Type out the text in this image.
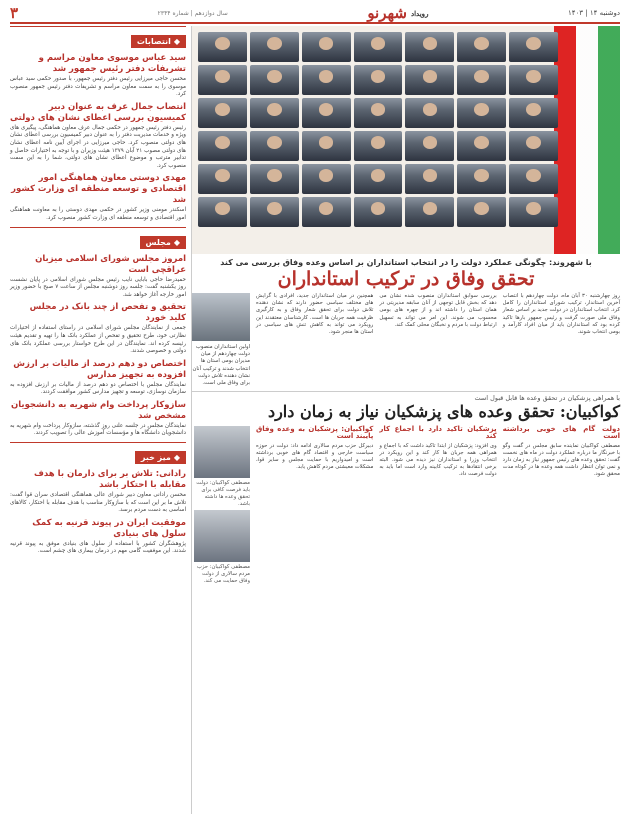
دوشنبه ۱۴ | ۱۴۰۳
رویداد
شهرنو
سال دوازدهم | شماره ۲۳۴۴
۳
◆
انتصابات
سید عباس موسوی معاون مراسم و تشریفات دفتر رئیس جمهور شد
محسن حاجی میرزایی رئیس دفتر رئیس جمهور، با صدور حکمی سید عباس موسوی را به سمت معاون مراسم و تشریفات دفتر رئیس جمهور منصوب کرد.
انتصاب جمال عرف به عنوان دبیر کمیسیون بررسی اعطای نشان های دولتی
رئیس دفتر رئیس جمهور در حکمی جمال عرف معاون هماهنگی، پیگیری های ویژه و خدمات مدیریت دفتر را به عنوان دبیر کمیسیون بررسی اعطای نشان های دولتی منصوب کرد. حاجی میرزایی در اجرای آیین نامه اعطای نشان های دولتی مصوب ۲۱ آبان ۱۳۷۹ هیئت وزیران و با توجه به اختیارات حاصل و تدابیر مترتب و موضوع اعطای نشان های دولتی، شما را به این سمت منصوب کرد.
مهدی دوستی معاون هماهنگی امور اقتصادی و توسعه منطقه ای وزارت کشور شد
اسکندر مومنی وزیر کشور در حکمی مهدی دوستی را به معاونت هماهنگی امور اقتصادی و توسعه منطقه ای وزارت کشور منصوب کرد.
◆
مجلس
امروز مجلس شورای اسلامی میزبان عراقچی است
حمیدرضا حاجی بابایی نایب رئیس مجلس شورای اسلامی در پایان نشست روز یکشنبه گفت: جلسه روز دوشنبه مجلس از ساعت ۷ صبح با حضور وزیر امور خارجه آغاز خواهد شد.
تحقیق و تفحص از چند بانک در مجلس کلید خورد
جمعی از نمایندگان مجلس شورای اسلامی در راستای استفاده از اختیارات نظارتی خود، طرح تحقیق و تفحص از عملکرد بانک ها را تهیه و تقدیم هیئت رئیسه کرده اند. نمایندگان در این طرح خواستار بررسی عملکرد بانک های دولتی و خصوصی شدند.
اختصاص دو دهم درصد از مالیات بر ارزش افزوده به تجهیز مدارس
نمایندگان مجلس با اختصاص دو دهم درصد از مالیات بر ارزش افزوده به سازمان نوسازی، توسعه و تجهیز مدارس کشور موافقت کردند.
سازوکار پرداخت وام شهریه به دانشجویان مشخص شد
نمایندگان مجلس در جلسه علنی روز گذشته، سازوکار پرداخت وام شهریه به دانشجویان دانشگاه ها و مؤسسات آموزش عالی را تصویب کردند.
◆
میز خبر
رادانی: تلاش بر برای دارمان با هدف مقابله با احتکار باشد
محسن رادانی معاون دبیر شورای عالی هماهنگی اقتصادی سران قوا گفت: تلاش ما بر این است که با سازوکار مناسب با هدف مقابله با احتکار، کالاهای اساسی به دست مردم برسد.
موفقیت ایران در پیوند قرنیه به کمک سلول های بنیادی
پژوهشگران کشور با استفاده از سلول های بنیادی موفق به پیوند قرنیه شدند. این موفقیت گامی مهم در درمان بیماری های چشم است.
با شهروند: چگونگی عملکرد دولت را در انتخاب استانداران بر اساس وعده وفاق بررسی می کند
تحقق وفاق در ترکیب استانداران
روز چهارشنبه ۳۰ آبان ماه، دولت چهاردهم با انتصاب آخرین استاندار، ترکیب شورای استانداران را کامل کرد. انتخاب استانداران در دولت جدید بر اساس شعار وفاق ملی صورت گرفت و رئیس جمهور بارها تاکید کرده بود که استانداران باید از میان افراد کارآمد و بومی انتخاب شوند.
بررسی سوابق استانداران منصوب شده نشان می دهد که بخش قابل توجهی از آنان سابقه مدیریتی در همان استان را داشته اند و از چهره های بومی محسوب می شوند. این امر می تواند به تسهیل ارتباط دولت با مردم و نخبگان محلی کمک کند.
همچنین در میان استانداران جدید، افرادی با گرایش های مختلف سیاسی حضور دارند که نشان دهنده تلاش دولت برای تحقق شعار وفاق و به کارگیری ظرفیت همه جریان ها است. کارشناسان معتقدند این رویکرد می تواند به کاهش تنش های سیاسی در استان ها منجر شود.
اولین استانداران منصوب دولت چهاردهم از میان مدیران بومی استان ها انتخاب شدند و ترکیب آنان نشان دهنده تلاش دولت برای وفاق ملی است.
با همراهی پزشکیان در تحقق وعده ها قابل قبول است
کواکبیان: تحقق وعده های پزشکیان نیاز به زمان دارد
دولت گام های خوبی برداشته است
مصطفی کواکبیان نماینده سابق مجلس در گفت وگو با خبرنگار ما درباره عملکرد دولت در ماه های نخست گفت: تحقق وعده های رئیس جمهور نیاز به زمان دارد و نمی توان انتظار داشت همه وعده ها در کوتاه مدت محقق شود.
پزشکیان تاکید دارد با اجماع کار کند
وی افزود: پزشکیان از ابتدا تاکید داشت که با اجماع و همراهی همه جریان ها کار کند و این رویکرد در انتخاب وزرا و استانداران نیز دیده می شود. البته برخی انتقادها به ترکیب کابینه وارد است اما باید به دولت فرصت داد.
کواکبیان: پزشکیان به وعده وفاق پایبند است
دبیرکل حزب مردم سالاری ادامه داد: دولت در حوزه سیاست خارجی و اقتصاد گام های خوبی برداشته است و امیدواریم با حمایت مجلس و سایر قوا، مشکلات معیشتی مردم کاهش یابد.
مصطفی کواکبیان: دولت باید فرصت کافی برای تحقق وعده ها داشته باشد.
مصطفی کواکبیان: حزب مردم سالاری از دولت وفاق حمایت می کند.
